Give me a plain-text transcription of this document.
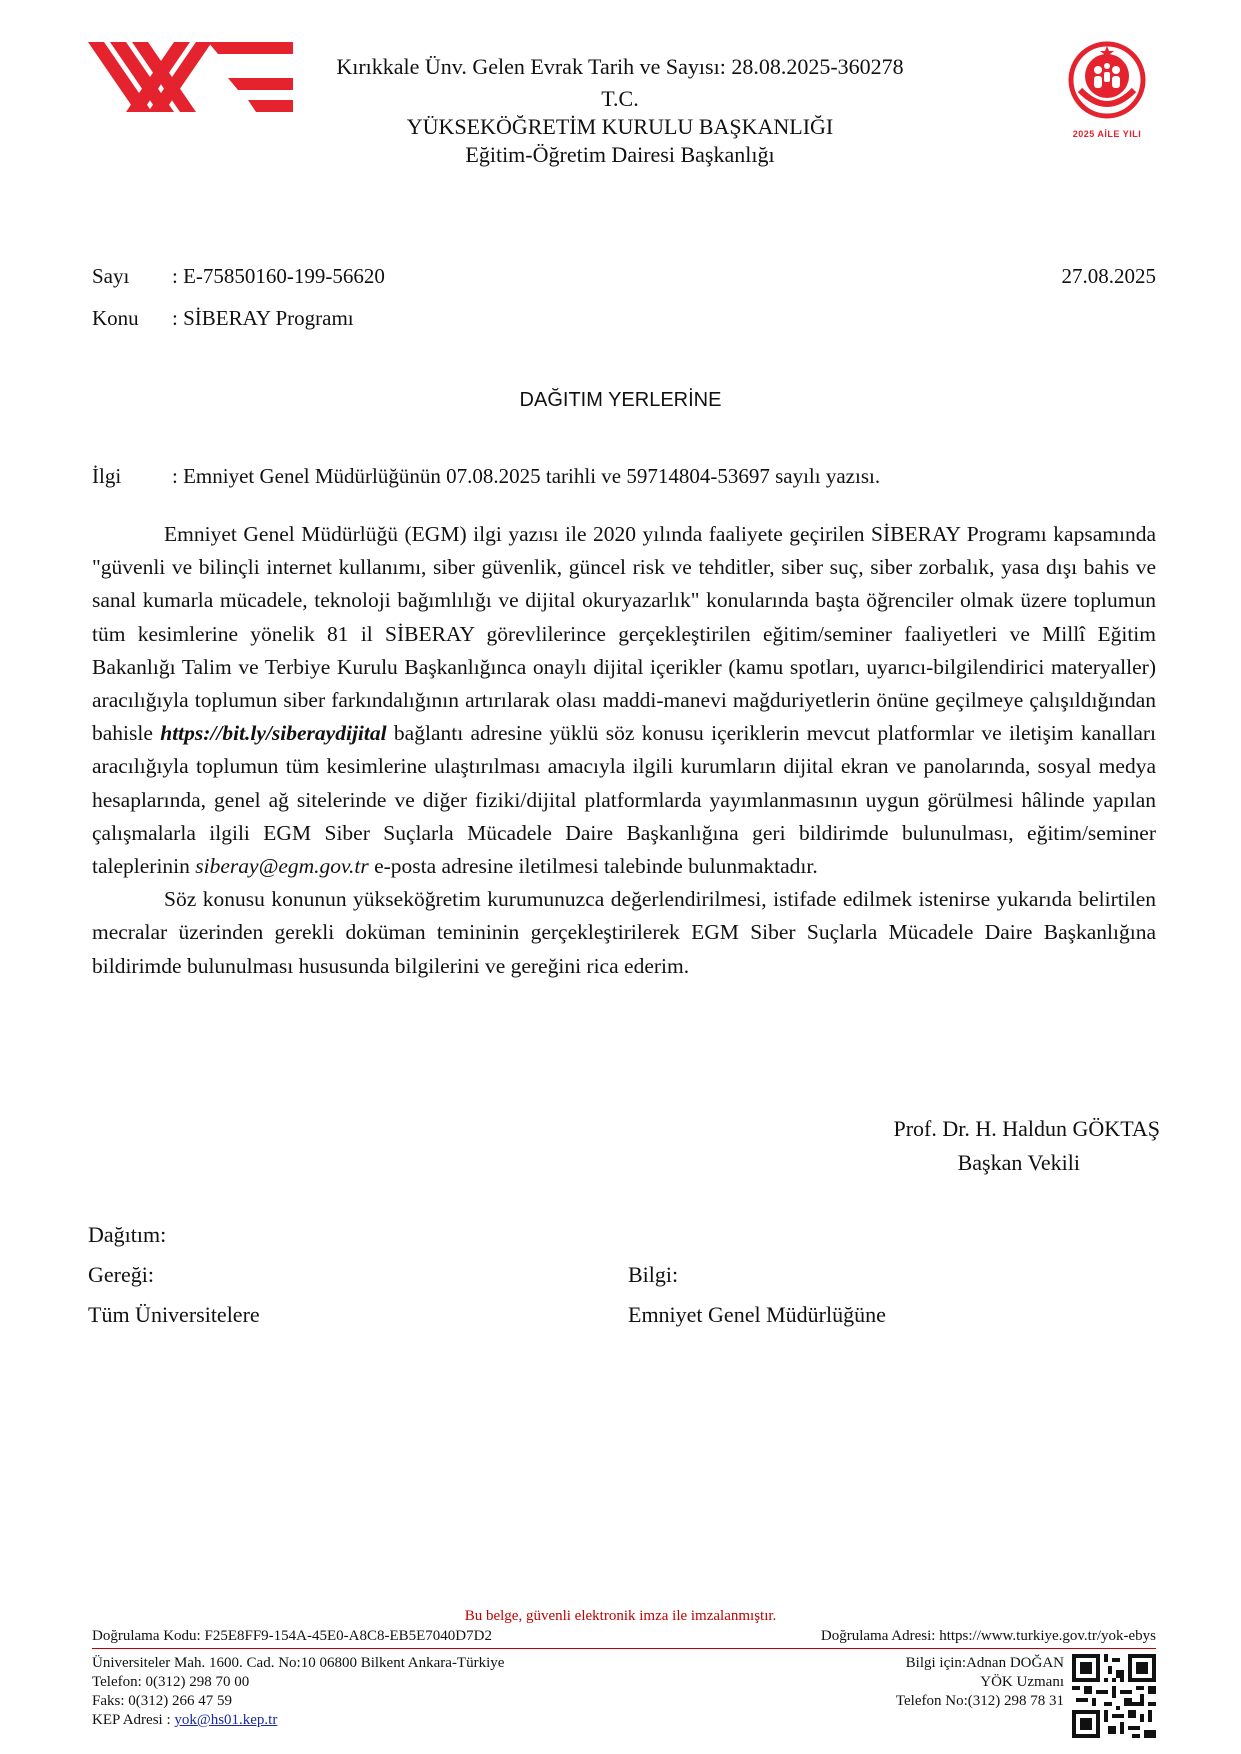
Kırıkkale Ünv. Gelen Evrak Tarih ve Sayısı: 28.08.2025-360278
T.C.
YÜKSEKÖĞRETİM KURULU BAŞKANLIĞI
Eğitim-Öğretim Dairesi Başkanlığı
2025 AİLE YILI
Sayı : E-75850160-199-56620	27.08.2025
Konu : SİBERAY Programı
DAĞITIM YERLERİNE
İlgi : Emniyet Genel Müdürlüğünün 07.08.2025 tarihli ve 59714804-53697 sayılı yazısı.

Emniyet Genel Müdürlüğü (EGM) ilgi yazısı ile 2020 yılında faaliyete geçirilen SİBERAY Programı kapsamında "güvenli ve bilinçli internet kullanımı, siber güvenlik, güncel risk ve tehditler, siber suç, siber zorbalık, yasa dışı bahis ve sanal kumarla mücadele, teknoloji bağımlılığı ve dijital okuryazarlık" konularında başta öğrenciler olmak üzere toplumun tüm kesimlerine yönelik 81 il SİBERAY görevlilerince gerçekleştirilen eğitim/seminer faaliyetleri ve Millî Eğitim Bakanlığı Talim ve Terbiye Kurulu Başkanlığınca onaylı dijital içerikler (kamu spotları, uyarıcı-bilgilendirici materyaller) aracılığıyla toplumun siber farkındalığının artırılarak olası maddi-manevi mağduriyetlerin önüne geçilmeye çalışıldığından bahisle https://bit.ly/siberaydijital bağlantı adresine yüklü söz konusu içeriklerin mevcut platformlar ve iletişim kanalları aracılığıyla toplumun tüm kesimlerine ulaştırılması amacıyla ilgili kurumların dijital ekran ve panolarında, sosyal medya hesaplarında, genel ağ sitelerinde ve diğer fiziki/dijital platformlarda yayımlanmasının uygun görülmesi hâlinde yapılan çalışmalarla ilgili EGM Siber Suçlarla Mücadele Daire Başkanlığına geri bildirimde bulunulması, eğitim/seminer taleplerinin siberay@egm.gov.tr e-posta adresine iletilmesi talebinde bulunmaktadır.

Söz konusu konunun yükseköğretim kurumunuzca değerlendirilmesi, istifade edilmek istenirse yukarıda belirtilen mecralar üzerinden gerekli doküman temininin gerçekleştirilerek EGM Siber Suçlarla Mücadele Daire Başkanlığına bildirimde bulunulması hususunda bilgilerini ve gereğini rica ederim.

Prof. Dr. H. Haldun GÖKTAŞ
Başkan Vekili
Dağıtım:
Gereği:
Tüm Üniversitelere
Bilgi:
Emniyet Genel Müdürlüğüne
Bu belge, güvenli elektronik imza ile imzalanmıştır.
Doğrulama Kodu: F25E8FF9-154A-45E0-A8C8-EB5E7040D7D2	Doğrulama Adresi: https://www.turkiye.gov.tr/yok-ebys
Üniversiteler Mah. 1600. Cad. No:10 06800 Bilkent Ankara-Türkiye
Telefon: 0(312) 298 70 00
Faks: 0(312) 266 47 59
KEP Adresi : yok@hs01.kep.tr
Bilgi için:Adnan DOĞAN
YÖK Uzmanı
Telefon No:(312) 298 78 31
